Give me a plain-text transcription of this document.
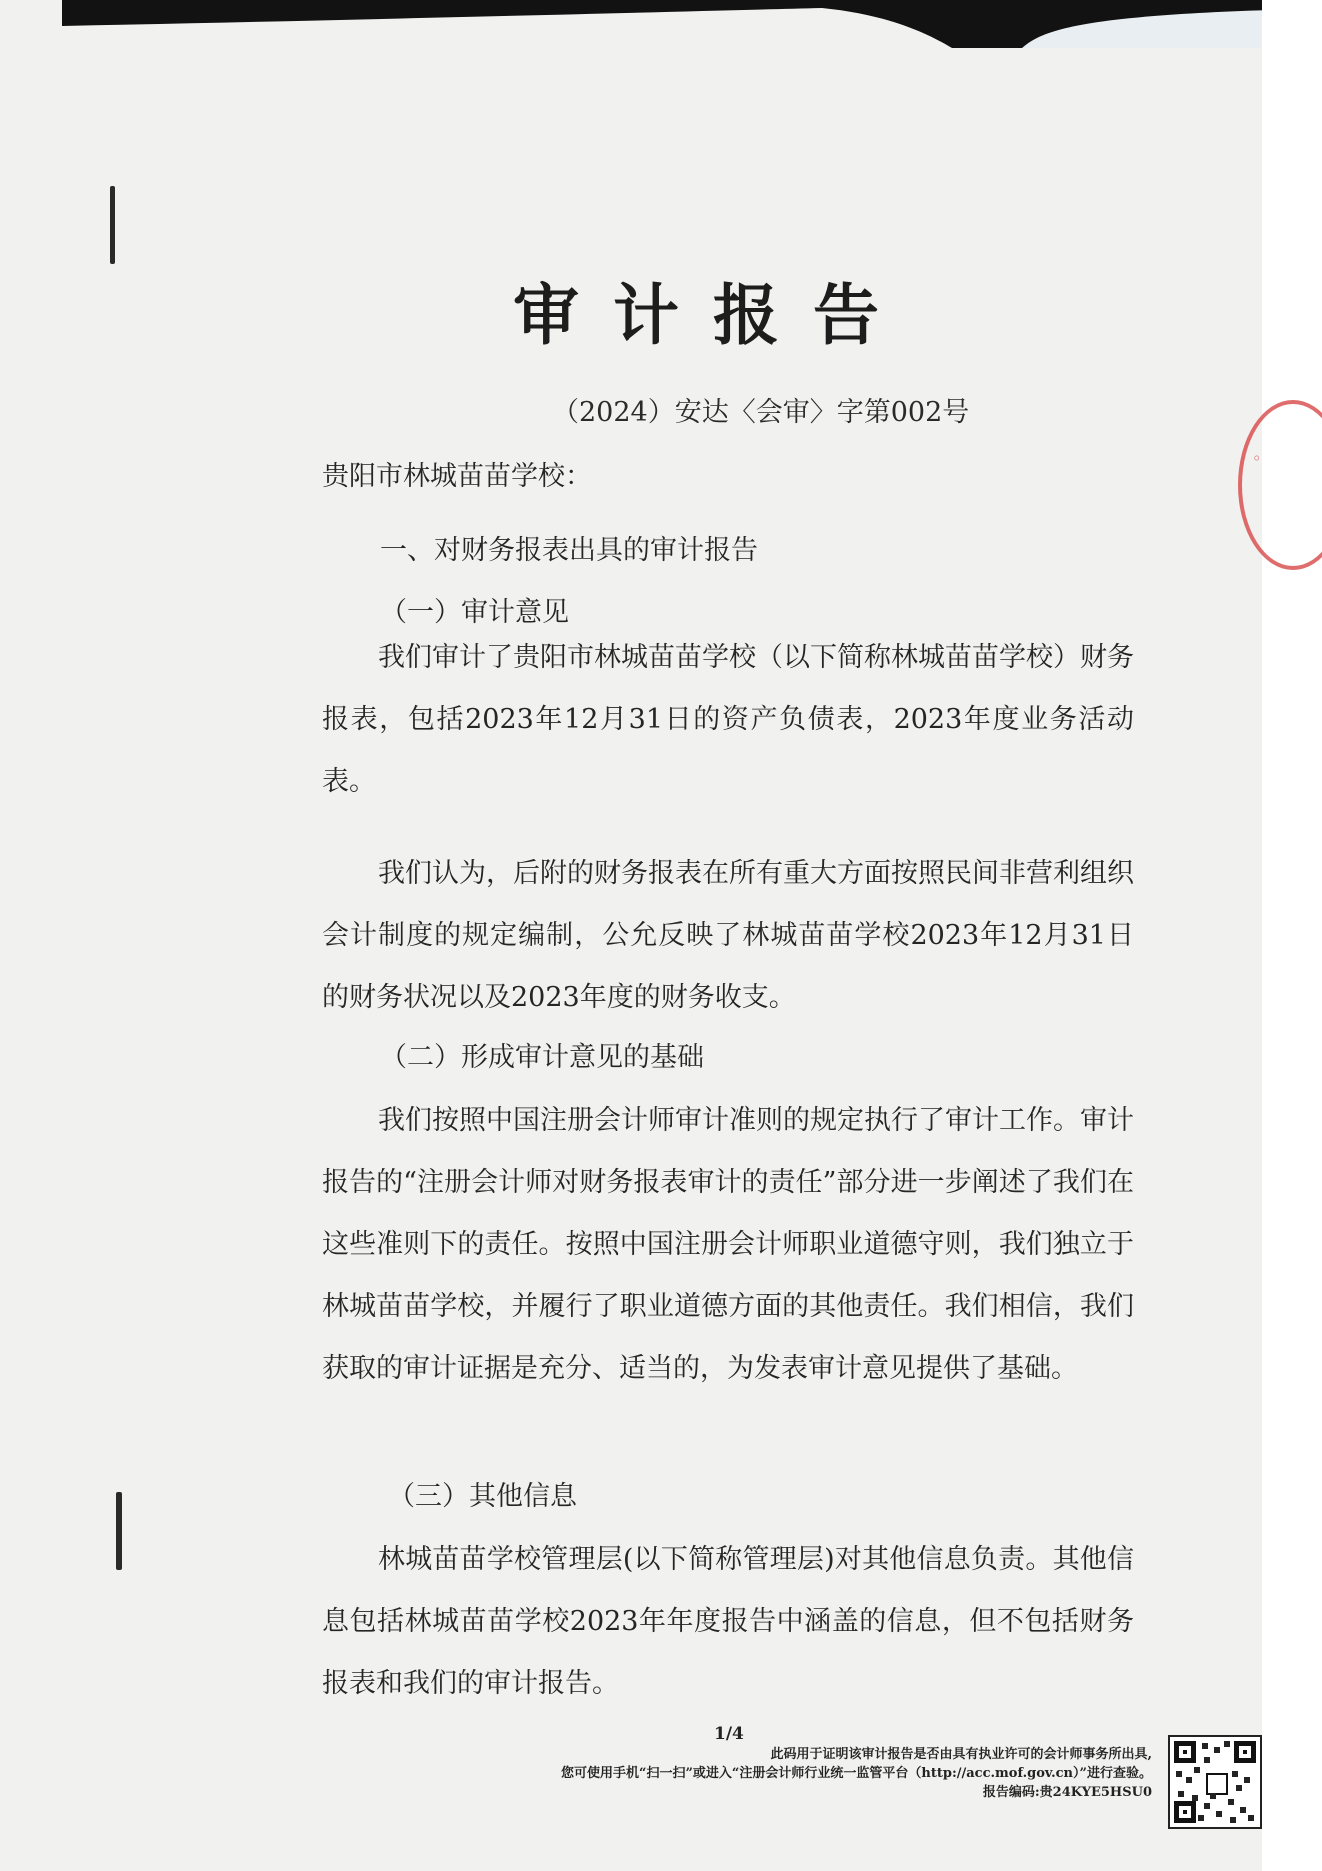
◦
审计报告
（2024）安达〈会审〉字第002号
贵阳市林城苗苗学校：
一、对财务报表出具的审计报告
（一）审计意见

我们审计了贵阳市林城苗苗学校（以下简称林城苗苗学校）财务报表，包括2023年12月31日的资产负债表，2023年度业务活动表。

我们认为，后附的财务报表在所有重大方面按照民间非营利组织会计制度的规定编制，公允反映了林城苗苗学校2023年12月31日的财务状况以及2023年度的财务收支。

（二）形成审计意见的基础

我们按照中国注册会计师审计准则的规定执行了审计工作。审计报告的“注册会计师对财务报表审计的责任”部分进一步阐述了我们在这些准则下的责任。按照中国注册会计师职业道德守则，我们独立于林城苗苗学校，并履行了职业道德方面的其他责任。我们相信，我们获取的审计证据是充分、适当的，为发表审计意见提供了基础。

（三）其他信息

林城苗苗学校管理层(以下简称管理层)对其他信息负责。其他信息包括林城苗苗学校2023年年度报告中涵盖的信息，但不包括财务报表和我们的审计报告。

1/4
此码用于证明该审计报告是否由具有执业许可的会计师事务所出具,
您可使用手机“扫一扫”或进入“注册会计师行业统一监管平台（http://acc.mof.gov.cn）”进行查验。
报告编码:贵24KYE5HSU0
